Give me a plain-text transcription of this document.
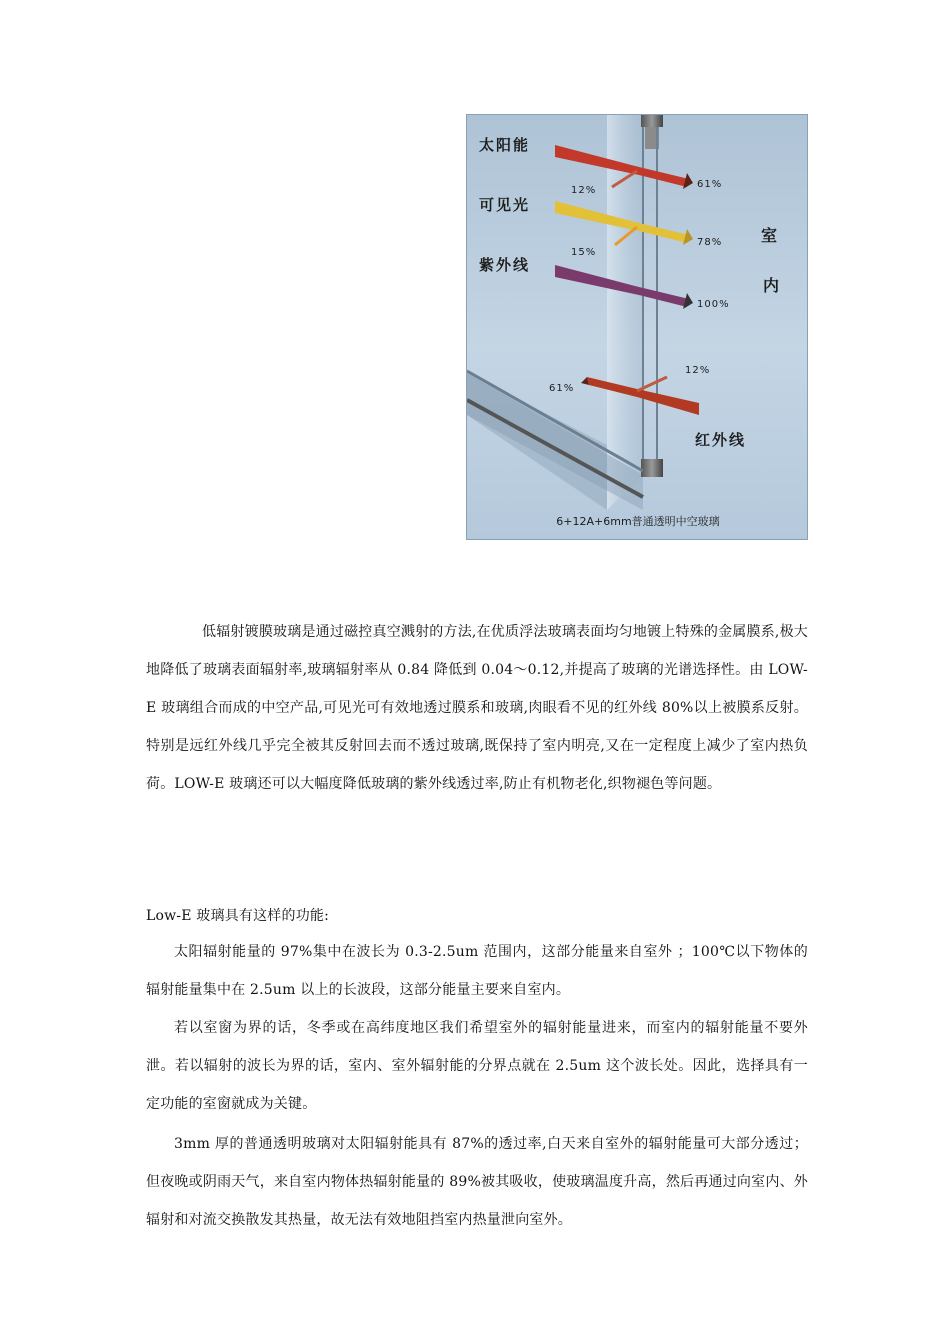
太阳能
可见光
紫外线
红外线
12%
61%
15%
78%
100%
12%
61%
室
内
6+12A+6mm普通透明中空玻璃

低辐射镀膜玻璃是通过磁控真空溅射的方法,在优质浮法玻璃表面均匀地镀上特殊的金属膜系,极大地降低了玻璃表面辐射率,玻璃辐射率从 0.84 降低到 0.04～0.12,并提高了玻璃的光谱选择性。由 LOW-E 玻璃组合而成的中空产品,可见光可有效地透过膜系和玻璃,肉眼看不见的红外线 80%以上被膜系反射。特别是远红外线几乎完全被其反射回去而不透过玻璃,既保持了室内明亮,又在一定程度上减少了室内热负荷。LOW-E 玻璃还可以大幅度降低玻璃的紫外线透过率,防止有机物老化,织物褪色等问题。

Low-E 玻璃具有这样的功能:

太阳辐射能量的 97%集中在波长为 0.3-2.5um 范围内，这部分能量来自室外 ；100℃以下物体的辐射能量集中在 2.5um 以上的长波段，这部分能量主要来自室内。

若以室窗为界的话，冬季或在高纬度地区我们希望室外的辐射能量进来，而室内的辐射能量不要外泄。若以辐射的波长为界的话，室内、室外辐射能的分界点就在 2.5um 这个波长处。因此，选择具有一定功能的室窗就成为关键。

3mm 厚的普通透明玻璃对太阳辐射能具有 87%的透过率,白天来自室外的辐射能量可大部分透过；但夜晚或阴雨天气，来自室内物体热辐射能量的 89%被其吸收，使玻璃温度升高，然后再通过向室内、外辐射和对流交换散发其热量，故无法有效地阻挡室内热量泄向室外。
